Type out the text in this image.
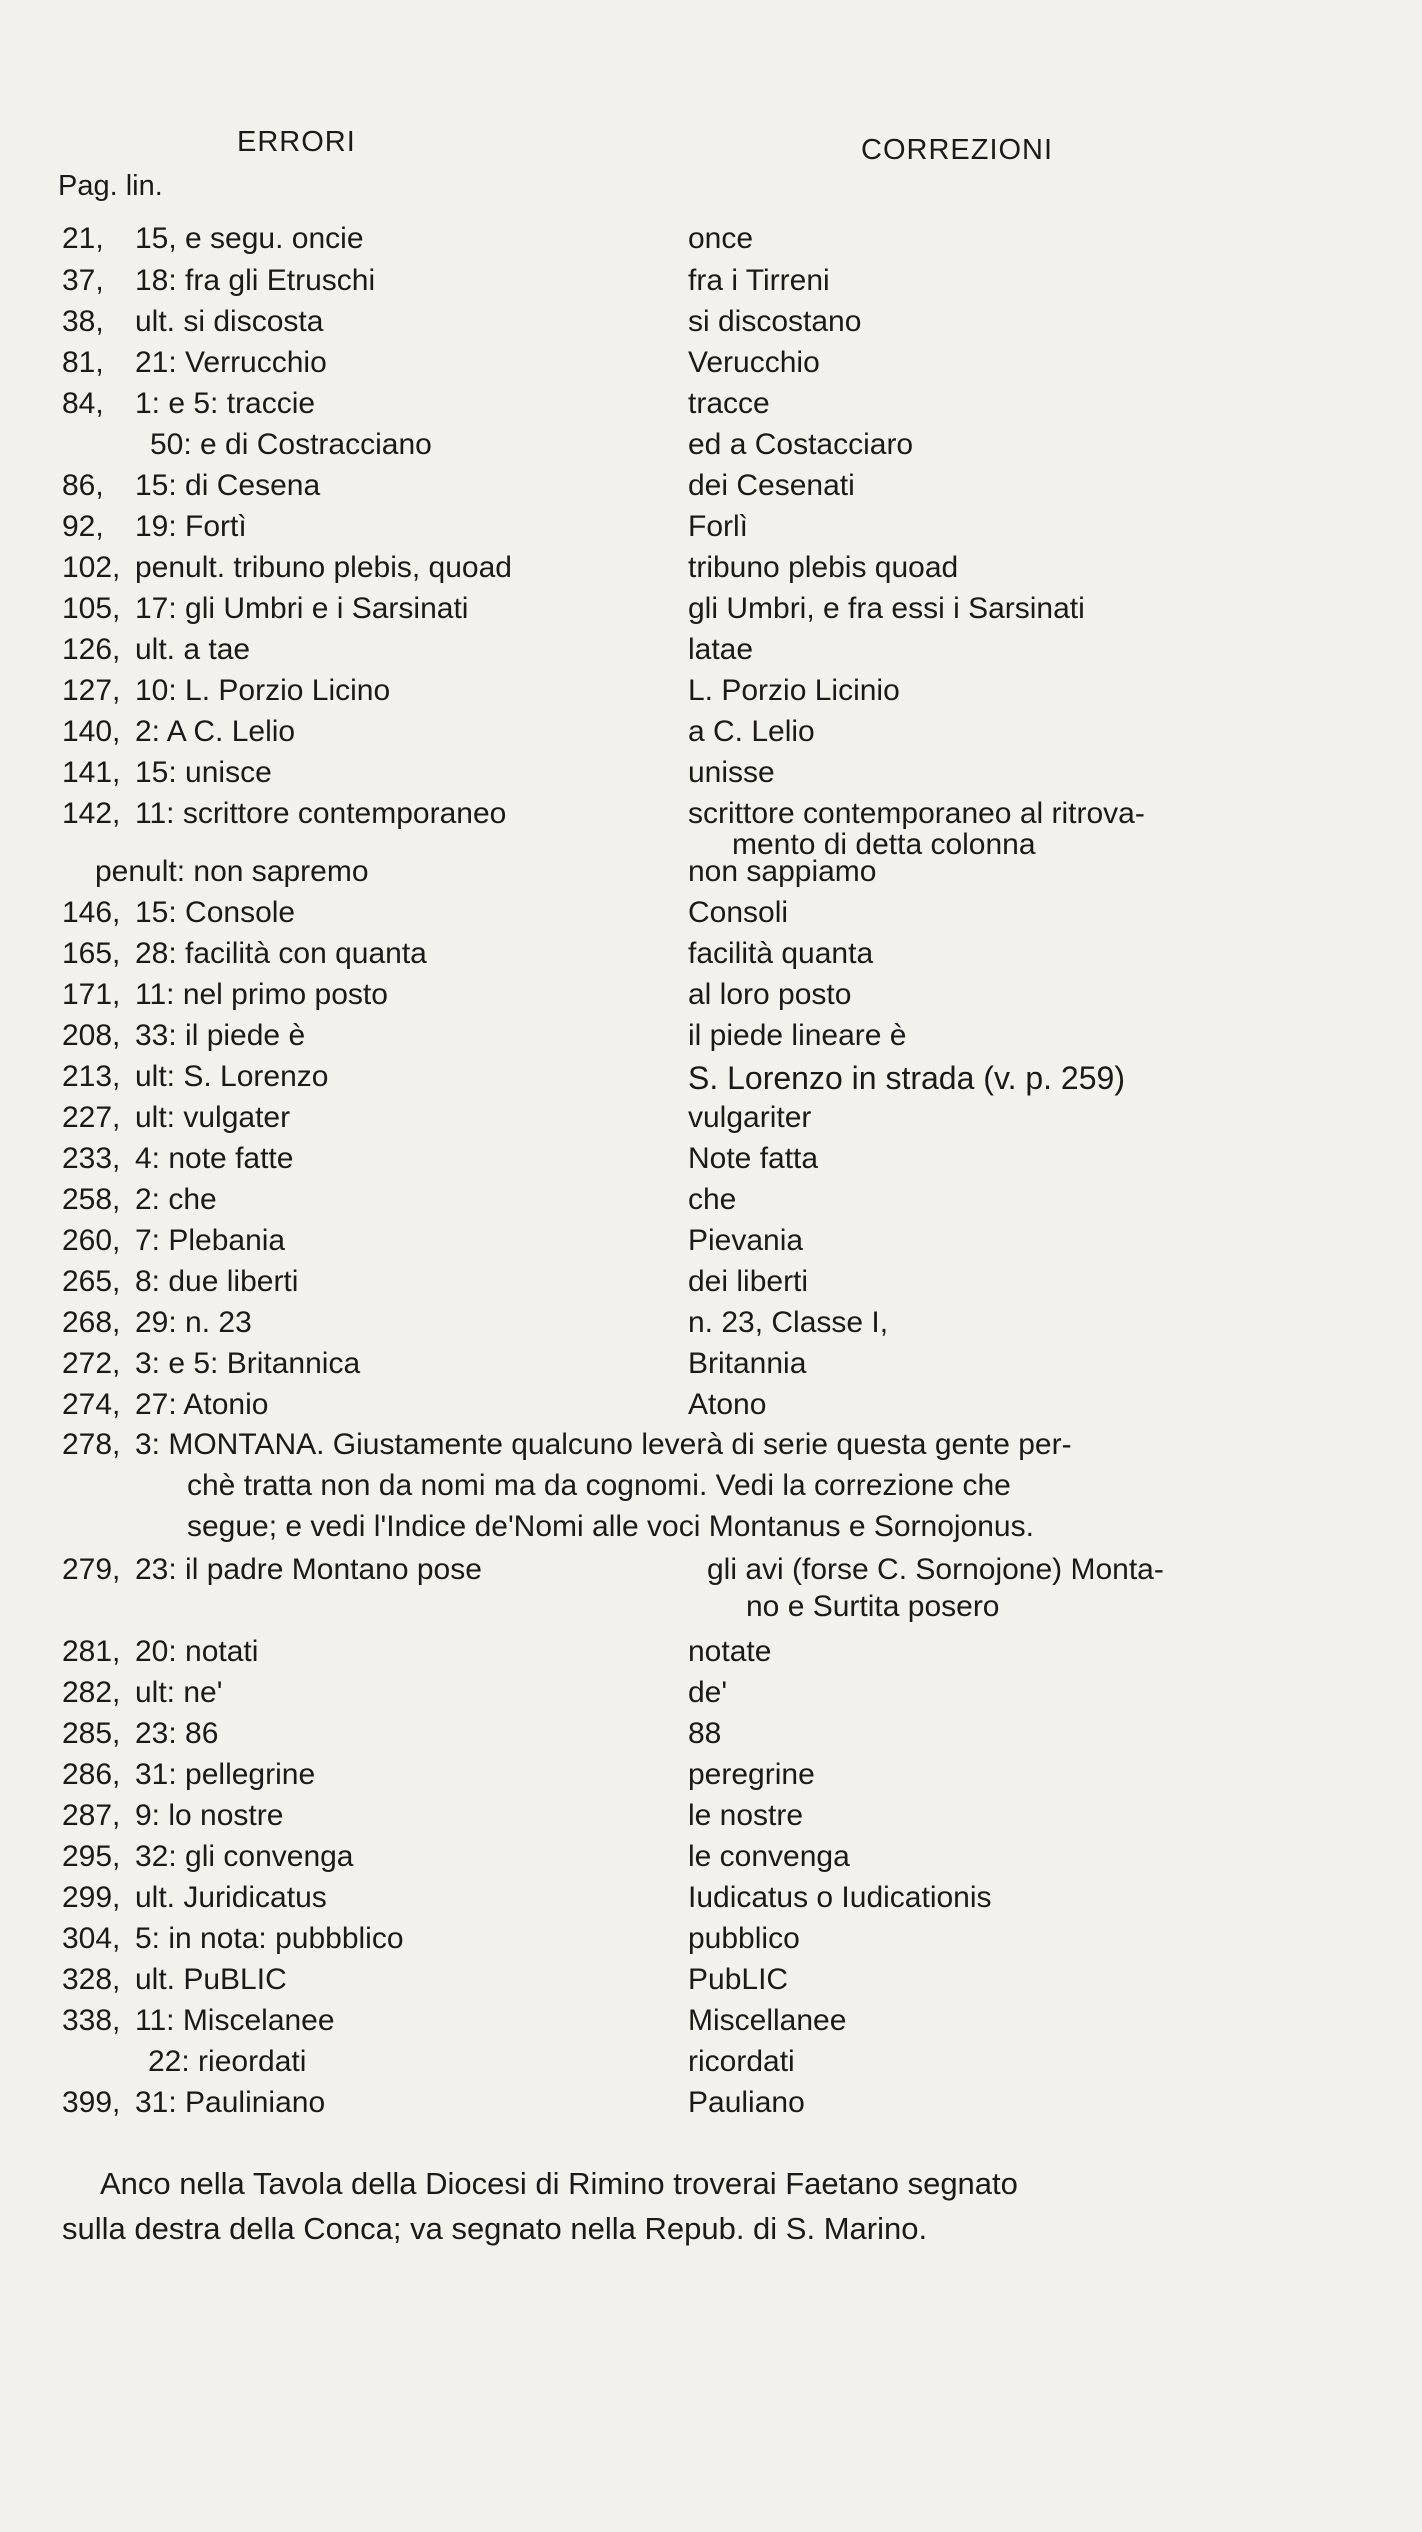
ERRORI	CORREZIONI
Pag. lin.
21,	15, e segu. oncie	once
37,	18: fra gli Etruschi	fra i Tirreni
38,	ult. si discosta	si discostano
81,	21: Verrucchio	Verucchio
84,	1: e 5: traccie	tracce
50: e di Costracciano	ed a Costacciaro
86,	15: di Cesena	dei Cesenati
92,	19: Fortì	Forlì
102, penult. tribuno plebis, quoad	tribuno plebis quoad
105, 17: gli Umbri e i Sarsinati	gli Umbri, e fra essi i Sarsinati
126, ult. a tae	latae
127, 10: L. Porzio Licino	L. Porzio Licinio
140, 2: A C. Lelio	a C. Lelio
141, 15: unisce	unisse
142, 11: scrittore contemporaneo	scrittore contemporaneo al ritrova-
mento di detta colonna
penult: non sapremo	non sappiamo
146, 15: Console	Consoli
165, 28: facilità con quanta	facilità quanta
171, 11: nel primo posto	al loro posto
208, 33: il piede è	il piede lineare è
213, ult: S. Lorenzo	S. Lorenzo in strada (v. p. 259)
227, ult: vulgater	vulgariter
233, 4: note fatte	Note fatta
258, 2: che	che
260, 7: Plebania	Pievania
265, 8: due liberti	dei liberti
268, 29: n. 23	n. 23, Classe I,
272, 3: e 5: Britannica	Britannia
274, 27: Atonio	Atono
278, 3: MONTANA. Giustamente qualcuno leverà di serie questa gente per-
chè tratta non da nomi ma da cognomi. Vedi la correzione che
segue; e vedi l'Indice de'Nomi alle voci Montanus e Sornojonus.
279, 23: il padre Montano pose	gli avi (forse C. Sornojone) Monta-
no e Surtita posero
281, 20: notati	notate
282, ult: ne'	de'
285, 23: 86	88
286, 31: pellegrine	peregrine
287, 9: lo nostre	le nostre
295, 32: gli convenga	le convenga
299, ult. Juridicatus	Iudicatus o Iudicationis
304, 5: in nota: pubbblico	pubblico
328, ult. PuBLIC	PubLIC
338, 11: Miscelanee	Miscellanee
22: rieordati	ricordati
399, 31: Pauliniano	Pauliano
Anco nella Tavola della Diocesi di Rimino troverai Faetano segnato
sulla destra della Conca; va segnato nella Repub. di S. Marino.
